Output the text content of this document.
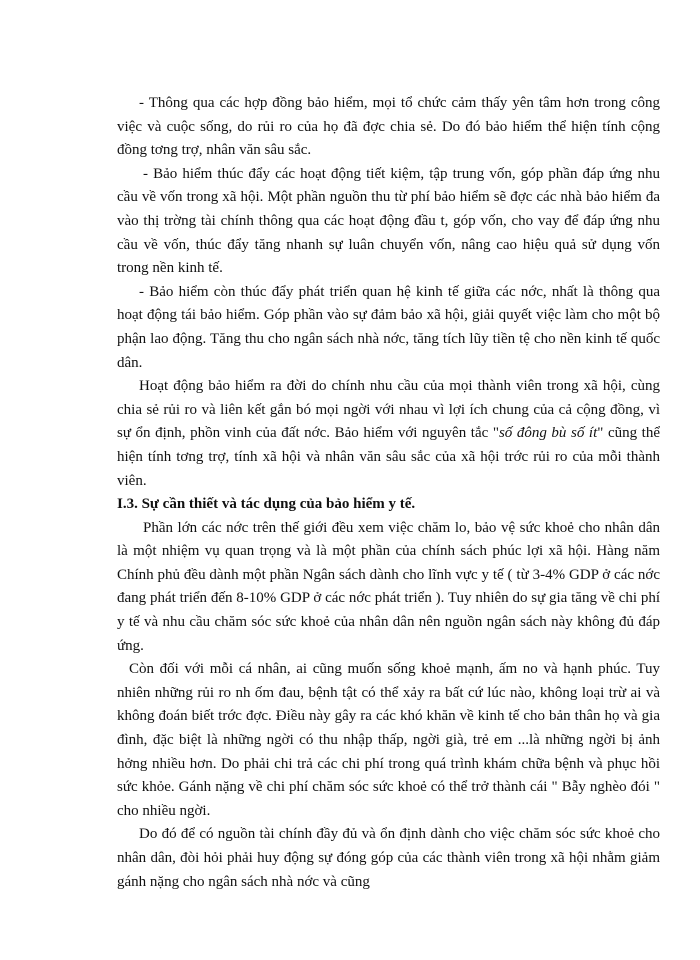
- Thông qua các hợp đồng bảo hiểm, mọi tổ chức cảm thấy yên tâm hơn trong công việc và cuộc sống, do rủi ro của họ đã đợc chia sẻ. Do đó bảo hiểm thể hiện tính cộng đồng tơng trợ, nhân văn sâu sắc.

- Bảo hiểm thúc đẩy các hoạt động tiết kiệm, tập trung vốn, góp phần đáp ứng nhu cầu về vốn trong xã hội. Một phần nguồn thu từ phí bảo hiểm sẽ đợc các nhà bảo hiểm đa vào thị trờng tài chính thông qua các hoạt động đầu t, góp vốn, cho vay để đáp ứng nhu cầu về vốn, thúc đẩy tăng nhanh sự luân chuyển vốn, nâng cao hiệu quả sử dụng vốn trong nền kinh tế.

- Bảo hiểm còn thúc đẩy phát triển quan hệ kinh tế giữa các nớc, nhất là thông qua hoạt động tái bảo hiểm. Góp phần vào sự đảm bảo xã hội, giải quyết việc làm cho một bộ phận lao động. Tăng thu cho ngân sách nhà nớc, tăng tích lũy tiền tệ cho nền kinh tế quốc dân.

Hoạt động bảo hiểm ra đời do chính nhu cầu của mọi thành viên trong xã hội, cùng chia sẻ rủi ro và liên kết gắn bó mọi ngời với nhau vì lợi ích chung của cả cộng đồng, vì sự ổn định, phồn vinh của đất nớc. Bảo hiểm với nguyên tắc "số đông bù số ít" cũng thể hiện tính tơng trợ, tính xã hội và nhân văn sâu sắc của xã hội trớc rủi ro của mỗi thành viên.

I.3. Sự cần thiết và tác dụng của bảo hiểm y tế.

Phần lớn các nớc trên thế giới đều xem việc chăm lo, bảo vệ sức khoẻ cho nhân dân là một nhiệm vụ quan trọng và là một phần của chính sách phúc lợi xã hội. Hàng năm Chính phủ đều dành một phần Ngân sách dành cho lĩnh vực y tế ( từ 3-4% GDP ở các nớc đang phát triển đến 8-10% GDP ở các nớc phát triển ). Tuy nhiên do sự gia tăng về chi phí y tế và nhu cầu chăm sóc sức khoẻ của nhân dân nên nguồn ngân sách này không đủ đáp ứng.

Còn đối với mỗi cá nhân, ai cũng muốn sống khoẻ mạnh, ấm no và hạnh phúc. Tuy nhiên những rủi ro nh ốm đau, bệnh tật có thể xảy ra bất cứ lúc nào, không loại trừ ai và không đoán biết trớc đợc. Điều này gây ra các khó khăn về kinh tế cho bản thân họ và gia đình, đặc biệt là những ngời có thu nhập thấp, ngời già, trẻ em ...là những ngời bị ảnh hởng nhiều hơn. Do phải chi trả các chi phí trong quá trình khám chữa bệnh và phục hồi sức khỏe. Gánh nặng về chi phí chăm sóc sức khoẻ có thể trở thành cái " Bẫy nghèo đói " cho nhiều ngời.

Do đó để có nguồn tài chính đầy đủ và ổn định dành cho việc chăm sóc sức khoẻ cho nhân dân, đòi hỏi phải huy động sự đóng góp của các thành viên trong xã hội nhằm giảm gánh nặng cho ngân sách nhà nớc và cũng
